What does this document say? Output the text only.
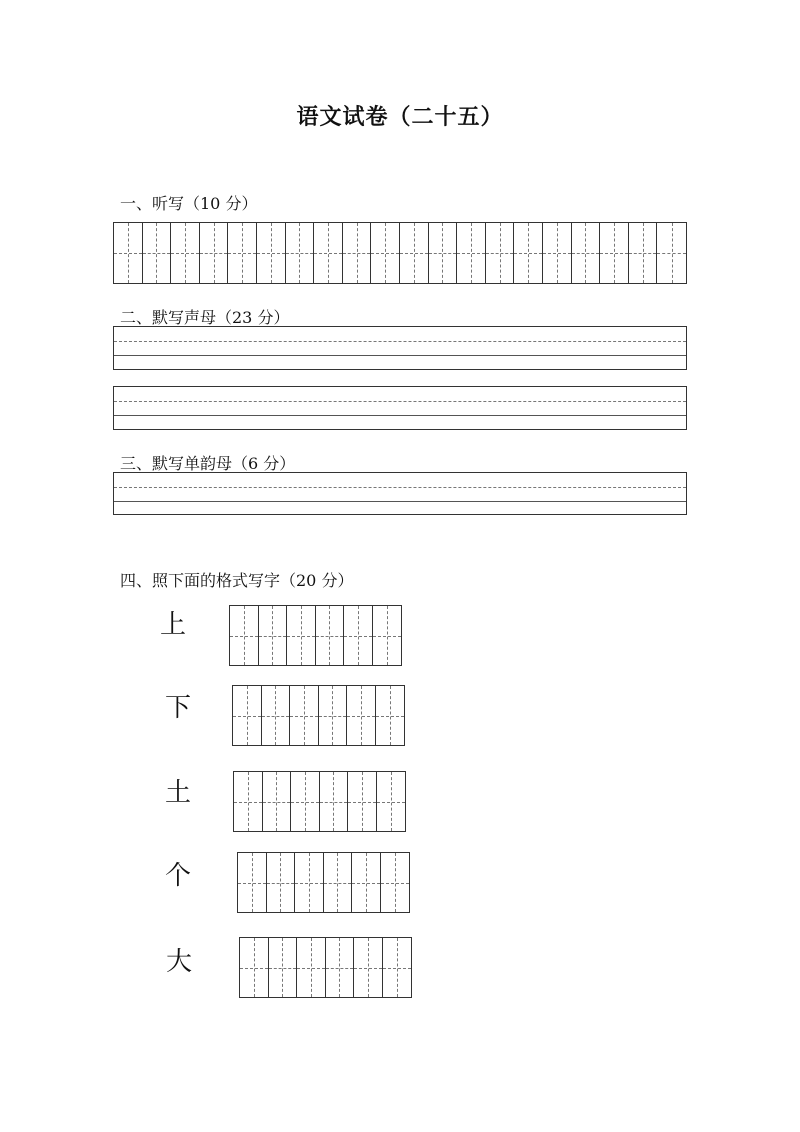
语文试卷（二十五）
一、听写（10 分）
二、默写声母（23 分）
三、默写单韵母（6 分）
四、照下面的格式写字（20 分）
上
下
土
个
大
